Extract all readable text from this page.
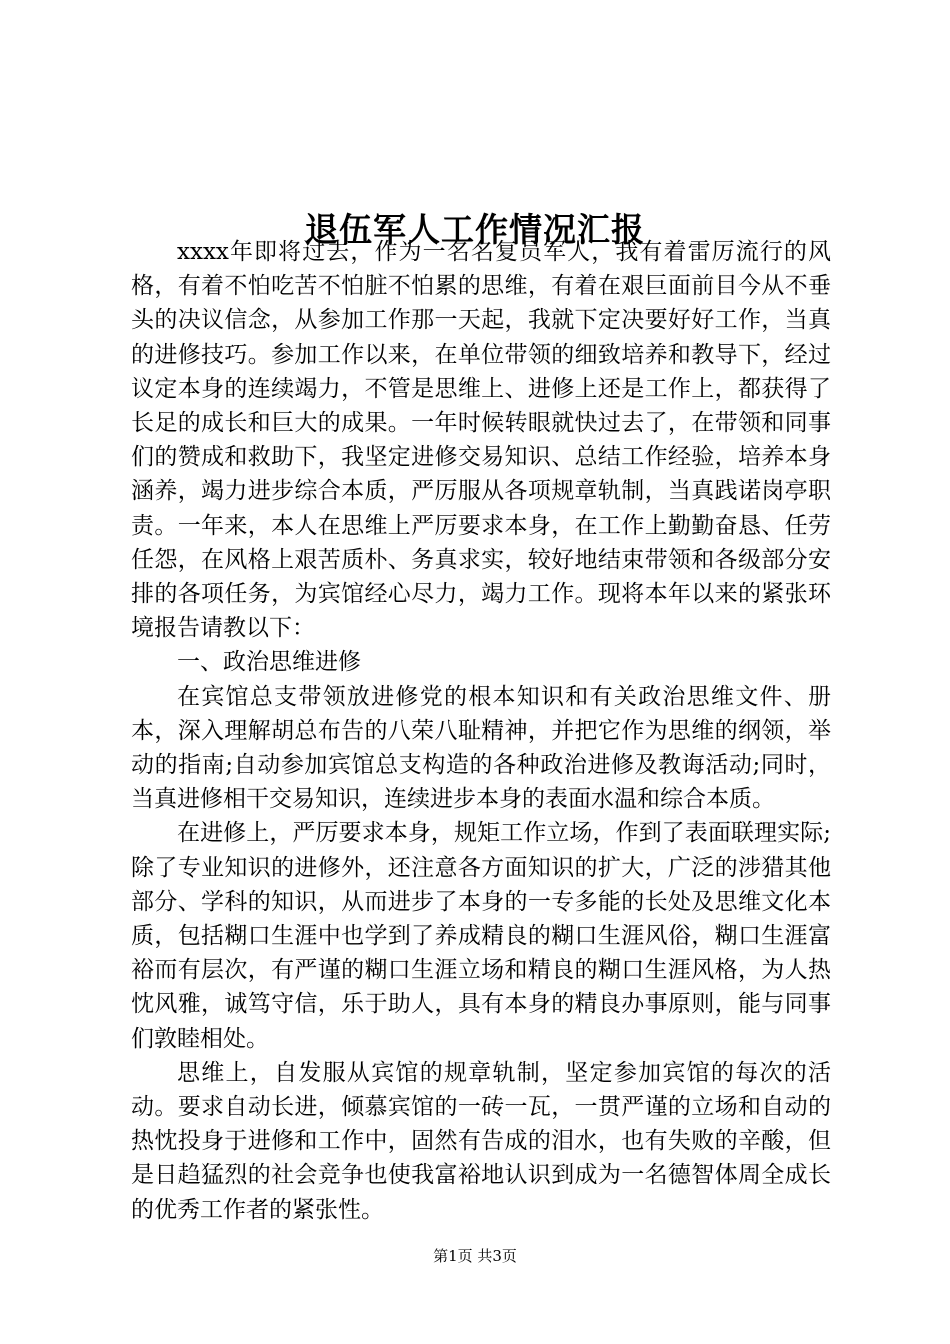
退伍军人工作情况汇报

xxxx年即将过去，作为一名名复员军人，我有着雷厉流行的风格，有着不怕吃苦不怕脏不怕累的思维，有着在艰巨面前目今从不垂头的决议信念，从参加工作那一天起，我就下定决要好好工作，当真的进修技巧。参加工作以来，在单位带领的细致培养和教导下，经过议定本身的连续竭力，不管是思维上、进修上还是工作上，都获得了长足的成长和巨大的成果。一年时候转眼就快过去了，在带领和同事们的赞成和救助下，我坚定进修交易知识、总结工作经验，培养本身涵养，竭力进步综合本质，严厉服从各项规章轨制，当真践诺岗亭职责。一年来，本人在思维上严厉要求本身，在工作上勤勤奋恳、任劳任怨，在风格上艰苦质朴、务真求实，较好地结束带领和各级部分安排的各项任务，为宾馆经心尽力，竭力工作。现将本年以来的紧张环境报告请教以下：

一、政治思维进修

在宾馆总支带领放进修党的根本知识和有关政治思维文件、册本，深入理解胡总布告的八荣八耻精神，并把它作为思维的纲领，举动的指南;自动参加宾馆总支构造的各种政治进修及教诲活动;同时，当真进修相干交易知识，连续进步本身的表面水温和综合本质。

在进修上，严厉要求本身，规矩工作立场，作到了表面联理实际;除了专业知识的进修外，还注意各方面知识的扩大，广泛的涉猎其他部分、学科的知识，从而进步了本身的一专多能的长处及思维文化本质，包括糊口生涯中也学到了养成精良的糊口生涯风俗，糊口生涯富裕而有层次，有严谨的糊口生涯立场和精良的糊口生涯风格，为人热忱风雅，诚笃守信，乐于助人，具有本身的精良办事原则，能与同事们敦睦相处。

思维上，自发服从宾馆的规章轨制，坚定参加宾馆的每次的活动。要求自动长进，倾慕宾馆的一砖一瓦，一贯严谨的立场和自动的热忱投身于进修和工作中，固然有告成的泪水，也有失败的辛酸，但是日趋猛烈的社会竞争也使我富裕地认识到成为一名德智体周全成长的优秀工作者的紧张性。

第1页 共3页
